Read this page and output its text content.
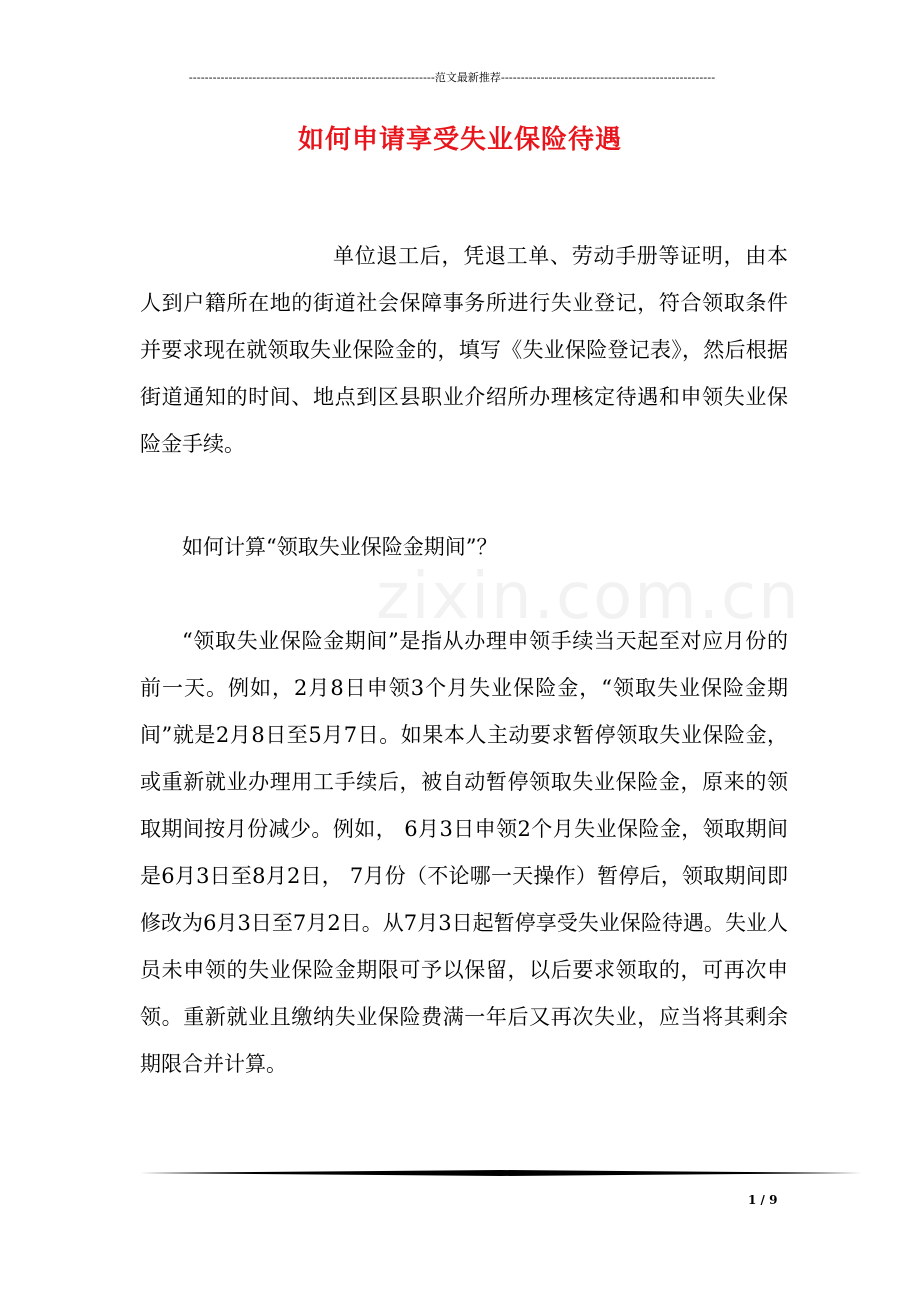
--------------------------------------------------------------范文最新推荐------------------------------------------------------
如何申请享受失业保险待遇
zixin.com.cn

单位退工后，凭退工单、劳动手册等证明，由本人到户籍所在地的街道社会保障事务所进行失业登记，符合领取条件并要求现在就领取失业保险金的，填写《失业保险登记表》，然后根据街道通知的时间、地点到区县职业介绍所办理核定待遇和申领失业保险金手续。

如何计算“领取失业保险金期间”？

“领取失业保险金期间”是指从办理申领手续当天起至对应月份的前一天。例如，2月8日申领3个月失业保险金，“领取失业保险金期间”就是2月8日至5月7日。如果本人主动要求暂停领取失业保险金，或重新就业办理用工手续后，被自动暂停领取失业保险金，原来的领取期间按月份减少。例如， 6月3日申领2个月失业保险金，领取期间是6月3日至8月2日， 7月份（不论哪一天操作）暂停后，领取期间即修改为6月3日至7月2日。从7月3日起暂停享受失业保险待遇。失业人员未申领的失业保险金期限可予以保留，以后要求领取的，可再次申领。重新就业且缴纳失业保险费满一年后又再次失业，应当将其剩余期限合并计算。

1 / 9
